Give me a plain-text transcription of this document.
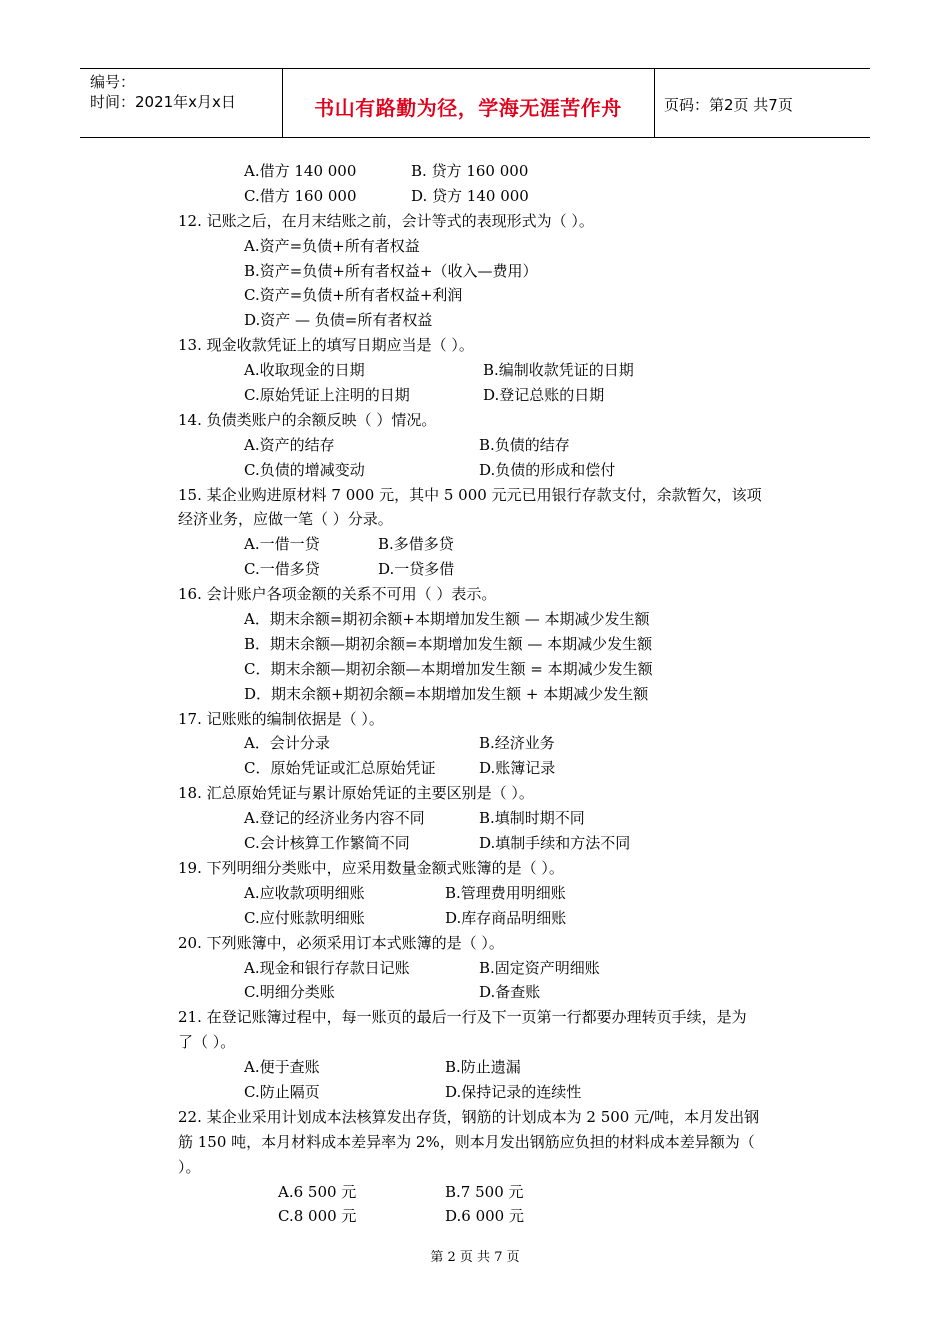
编号：
时间：2021年x月x日	书山有路勤为径，学海无涯苦作舟	页码：第2页 共7页
A.借方 140 000	B. 贷方 160 000
C.借方 160 000	D. 贷方 140 000
12. 记账之后，在月末结账之前，会计等式的表现形式为（ ）。
A.资产=负债+所有者权益
B.资产=负债+所有者权益+（收入—费用）
C.资产=负债+所有者权益+利润
D.资产 — 负债=所有者权益
13. 现金收款凭证上的填写日期应当是（ ）。
A.收取现金的日期	B.编制收款凭证的日期
C.原始凭证上注明的日期	D.登记总账的日期
14. 负债类账户的余额反映（ ）情况。
A.资产的结存	B.负债的结存
C.负债的增减变动	D.负债的形成和偿付
15. 某企业购进原材料 7 000 元，其中 5 000 元元已用银行存款支付，余款暂欠，该项
经济业务，应做一笔（ ）分录。
A.一借一贷	B.多借多贷
C.一借多贷	D.一贷多借
16. 会计账户各项金额的关系不可用（ ）表示。
A．期末余额=期初余额+本期增加发生额 — 本期减少发生额
B．期末余额—期初余额=本期增加发生额 — 本期减少发生额
C．期末余额—期初余额—本期增加发生额 = 本期减少发生额
D．期末余额+期初余额=本期增加发生额 + 本期减少发生额
17. 记账账的编制依据是（ ）。
A．会计分录	B.经济业务
C．原始凭证或汇总原始凭证	D.账簿记录
18. 汇总原始凭证与累计原始凭证的主要区别是（ ）。
A.登记的经济业务内容不同	B.填制时期不同
C.会计核算工作繁简不同	D.填制手续和方法不同
19. 下列明细分类账中，应采用数量金额式账簿的是（ ）。
A.应收款项明细账	B.管理费用明细账
C.应付账款明细账	D.库存商品明细账
20. 下列账簿中，必须采用订本式账簿的是（ ）。
A.现金和银行存款日记账	B.固定资产明细账
C.明细分类账	D.备查账
21. 在登记账簿过程中，每一账页的最后一行及下一页第一行都要办理转页手续，是为
了（ ）。
A.便于查账	B.防止遗漏
C.防止隔页	D.保持记录的连续性
22. 某企业采用计划成本法核算发出存货，钢筋的计划成本为 2 500 元/吨，本月发出钢
筋 150 吨，本月材料成本差异率为 2%，则本月发出钢筋应负担的材料成本差异额为（
）。
A.6 500 元	B.7 500 元
C.8 000 元	D.6 000 元
第 2 页 共 7 页
